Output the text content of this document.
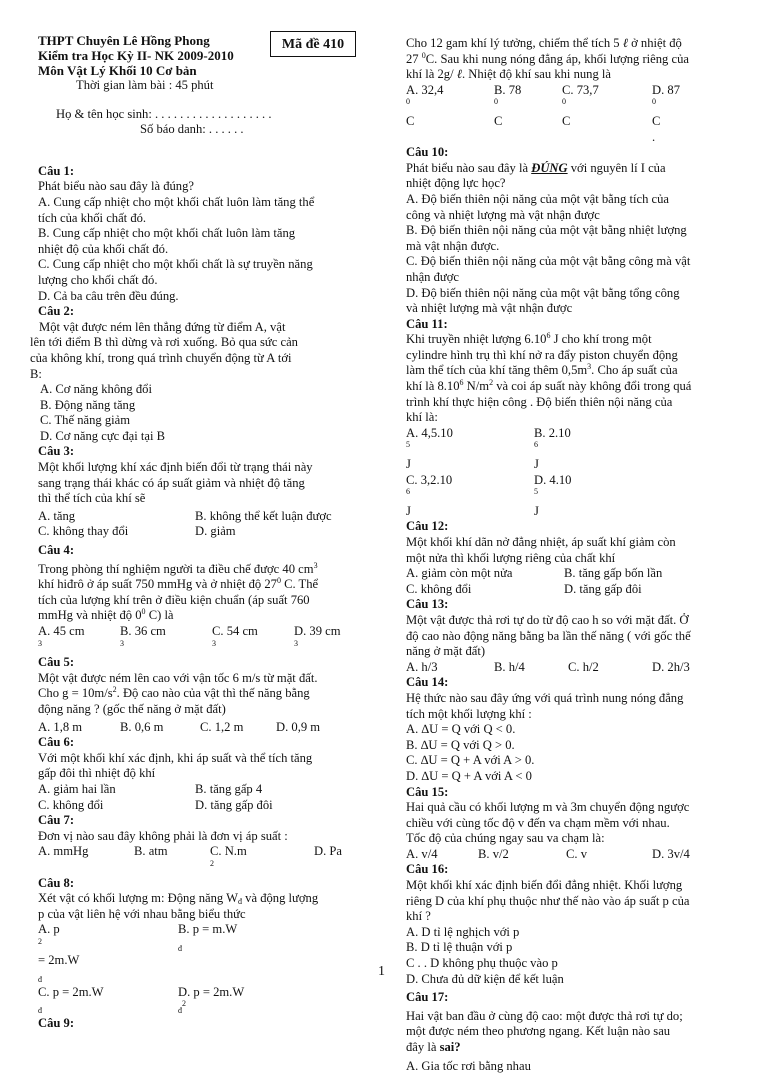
Mã đề 410
THPT Chuyên Lê Hồng Phong
Kiểm tra Học Kỳ II- NK 2009-2010
Môn Vật Lý Khối 10 Cơ bản
Thời gian làm bài : 45 phút
Họ & tên học sinh: . . . . . . . . . . . . . . . . . . .
Số báo danh: . . . . . .
Câu 1:
Phát biểu nào sau đây là đúng?
A. Cung cấp nhiệt cho một khối chất luôn làm tăng thể
tích của khối chất đó.
B. Cung cấp nhiệt cho một khối chất luôn làm tăng
nhiệt độ của khối chất đó.
C. Cung cấp nhiệt cho một khối chất là sự truyền năng
lượng cho khối chất đó.
D. Cả ba câu trên đều đúng.
Câu 2:
Một vật được ném lên thẳng đứng từ điểm A, vật
lên tới điểm B thì dừng và rơi xuống. Bỏ qua sức cản
của không khí, trong quá trình chuyển động từ A tới
B:
A. Cơ năng không đổi
B. Động năng tăng
C. Thế năng giảm
D. Cơ năng cực đại tại B
Câu 3:
Một khối lượng khí xác định biến đổi từ trạng thái này
sang trạng thái khác có áp suất giảm và nhiệt độ tăng
thì thể tích của khí sẽ
A. tăng	B. không thể kết luận được
C. không thay đổi	D. giảm
Câu 4:
Trong phòng thí nghiệm người ta điều chế được 40 $cm^3$
khí hiđrô ở áp suất 750 mmHg và ở nhiệt độ $27^0$ C. Thể
tích của lượng khí trên ở điều kiện chuẩn (áp suất 760
mmHg và nhiệt độ $0^0$ C) là
A. 45 cm
$^3$
B. 36 cm
$^3$
C. 54 cm
$^3$
D. 39 cm
$^3$
Câu 5:
Một vật được ném lên cao với vận tốc 6 m/s từ mặt đất.
Cho $g = 10m/s^2$. Độ cao nào của vật thì thế năng bằng
động năng ? (gốc thế năng ở mặt đất)
A. 1,8 m	B. 0,6 m	C. 1,2 m	D. 0,9 m
Câu 6:
Với một khối khí xác định, khi áp suất và thể tích tăng
gấp đôi thì nhiệt độ khí
A. giảm hai lần	B. tăng gấp 4
C. không đổi	D. tăng gấp đôi
Câu 7:
Đơn vị nào sau đây không phải là đơn vị áp suất :
A. mmHg	B. atm	C. N.m
$^2$
D. Pa
Câu 8:
Xét vật có khối lượng m: Động năng $W_đ$ và động lượng
p của vật liên hệ với nhau bằng biểu thức
A. p
$^2$
= 2m.W
$_đ$
B. p = m.W
$_đ$
C. p = 2m.W
$_đ$
D. p = 2m.W
$_đ^2$
Câu 9:
Cho 12 gam khí lý tưởng, chiếm thể tích 5 ℓ ở nhiệt độ
27 $^0$C. Sau khi nung nóng đẳng áp, khối lượng riêng của
khí là 2g/ ℓ. Nhiệt độ khí sau khi nung là
A. 32,4
$^0$
C
B. 78
$^0$
C
C. 73,7
$^0$
C
D. 87
$^0$
C
.
Câu 10:
Phát biểu nào sau đây là ĐÚNG với nguyên lí I của
nhiệt động lực học?
A. Độ biến thiên nội năng của một vật bằng tích của
công và nhiệt lượng mà vật nhận được
B. Độ biến thiên nội năng của một vật bằng nhiệt lượng
mà vật nhận được.
C. Độ biến thiên nội năng của một vật bằng công mà vật
nhận được
D. Độ biến thiên nội năng của một vật bằng tổng công
và nhiệt lượng mà vật nhận được
Câu 11:
Khi truyền nhiệt lượng 6.10$^6$ J cho khí trong một
cylindre hình trụ thì khí nở ra đẩy piston chuyển động
làm thể tích của khí tăng thêm $0,5m^3$. Cho áp suất của
khí là 8.10$^6$ $N/m^2$ và coi áp suất này không đổi trong quá
trình khí thực hiện công . Độ biến thiên nội năng của
khí là:
A. 4,5.10
$^5$
J
B. 2.10
$^6$
J
C. 3,2.10
$^6$
J
D. 4.10
$^5$
J
Câu 12:
Một khối khí dãn nở đẳng nhiệt, áp suất khí giảm còn
một nửa thì khối lượng riêng của chất khí
A. giảm còn một nửa	B. tăng gấp bốn lần
C. không đổi	D. tăng gấp đôi
Câu 13:
Một vật được thả rơi tự do từ độ cao h so với mặt đất. Ở
độ cao nào động năng bằng ba lần thế năng ( với gốc thế
năng ở mặt đất)
A. h/3	B. h/4	C. h/2	D. 2h/3
Câu 14:
Hệ thức nào sau đây ứng với quá trình nung nóng đẳng
tích một khối lượng khí :
A. ∆U = Q với Q < 0.
B. ∆U = Q với Q > 0.
C. ∆U = Q + A với A > 0.
D. ∆U = Q + A với A < 0
Câu 15:
Hai quả cầu có khối lượng m và 3m chuyển động ngược
chiều với cùng tốc độ v đến va chạm mềm với nhau.
Tốc độ của chúng ngay sau va chạm là:
A. v/4	B. v/2	C. v	D. 3v/4
Câu 16:
Một khối khí xác định biến đổi đẳng nhiệt. Khối lượng
riêng D của khí phụ thuộc như thế nào vào áp suất p của
khí ?
A. D tỉ lệ nghịch với p
B. D tỉ lệ thuận với p
C . . D không phụ thuộc vào p
D. Chưa đủ dữ kiện để kết luận
Câu 17:
Hai vật ban đầu ở cùng độ cao: một được thả rơi tự do;
một được ném theo phương ngang. Kết luận nào sau
đây là sai?
A. Gia tốc rơi bằng nhau
1
